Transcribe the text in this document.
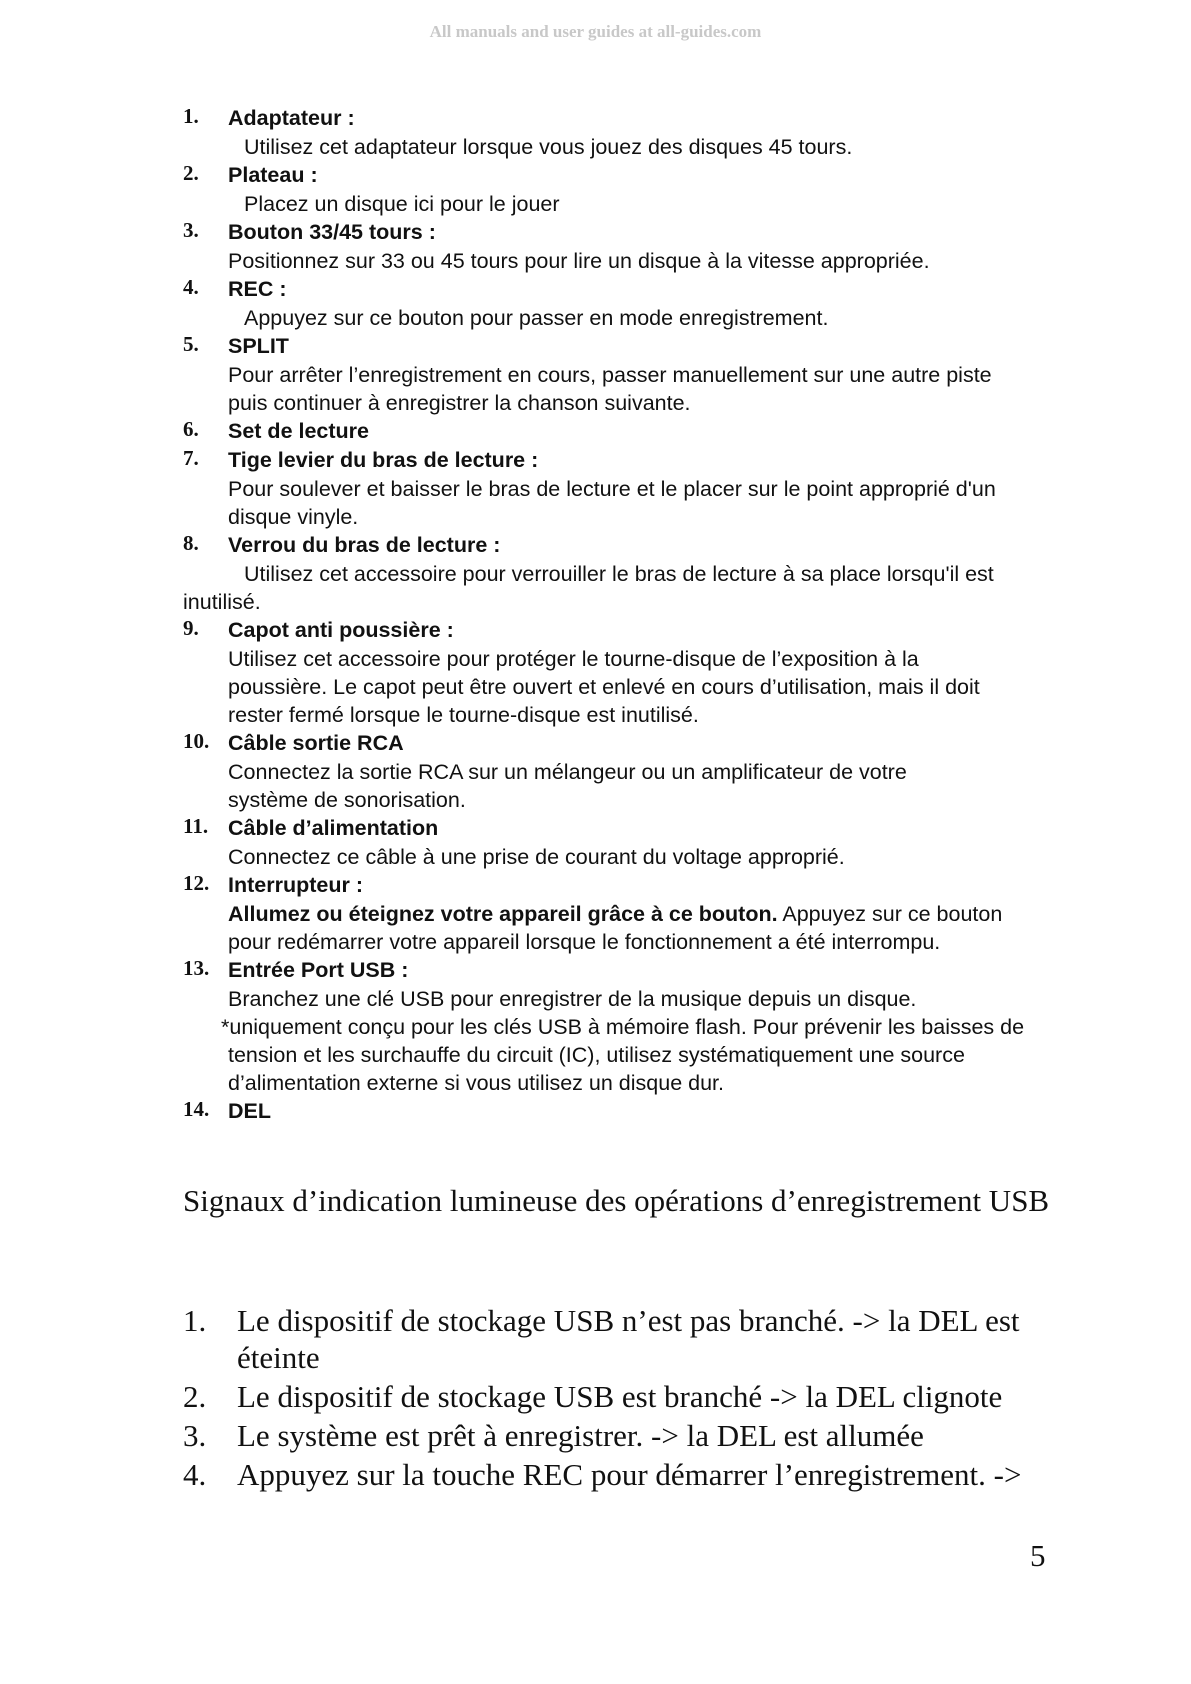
All manuals and user guides at all-guides.com
1. Adaptateur :
Utilisez cet adaptateur lorsque vous jouez des disques 45 tours.
2. Plateau :
Placez un disque ici pour le jouer
3. Bouton 33/45 tours :
Positionnez sur 33 ou 45 tours pour lire un disque à la vitesse appropriée.
4. REC :
Appuyez sur ce bouton pour passer en mode enregistrement.
5. SPLIT
Pour arrêter l’enregistrement en cours, passer manuellement sur une autre piste puis continuer à enregistrer la chanson suivante.
6. Set de lecture
7. Tige levier du bras de lecture :
Pour soulever et baisser le bras de lecture et le placer sur le point approprié d'un disque vinyle.
8. Verrou du bras de lecture :
Utilisez cet accessoire pour verrouiller le bras de lecture à sa place lorsqu'il est inutilisé.
9. Capot anti poussière :
Utilisez cet accessoire pour protéger le tourne-disque de l’exposition à la poussière. Le capot peut être ouvert et enlevé en cours d’utilisation, mais il doit rester fermé lorsque le tourne-disque est inutilisé.
10. Câble sortie RCA
Connectez la sortie RCA sur un mélangeur ou un amplificateur de votre système de sonorisation.
11. Câble d’alimentation
Connectez ce câble à une prise de courant du voltage approprié.
12. Interrupteur :
Allumez ou éteignez votre appareil grâce à ce bouton. Appuyez sur ce bouton pour redémarrer votre appareil lorsque le fonctionnement a été interrompu.
13. Entrée Port USB :
Branchez une clé USB pour enregistrer de la musique depuis un disque.
*uniquement conçu pour les clés USB à mémoire flash. Pour prévenir les baisses de tension et les surchauffe du circuit (IC), utilisez systématiquement une source d’alimentation externe si vous utilisez un disque dur.
14. DEL
Signaux d’indication lumineuse des opérations d’enregistrement USB
1. Le dispositif de stockage USB n’est pas branché. -> la DEL est éteinte
2. Le dispositif de stockage USB est branché -> la DEL clignote
3. Le système est prêt à enregistrer. -> la DEL est allumée
4. Appuyez sur la touche REC pour démarrer l’enregistrement. ->
5
